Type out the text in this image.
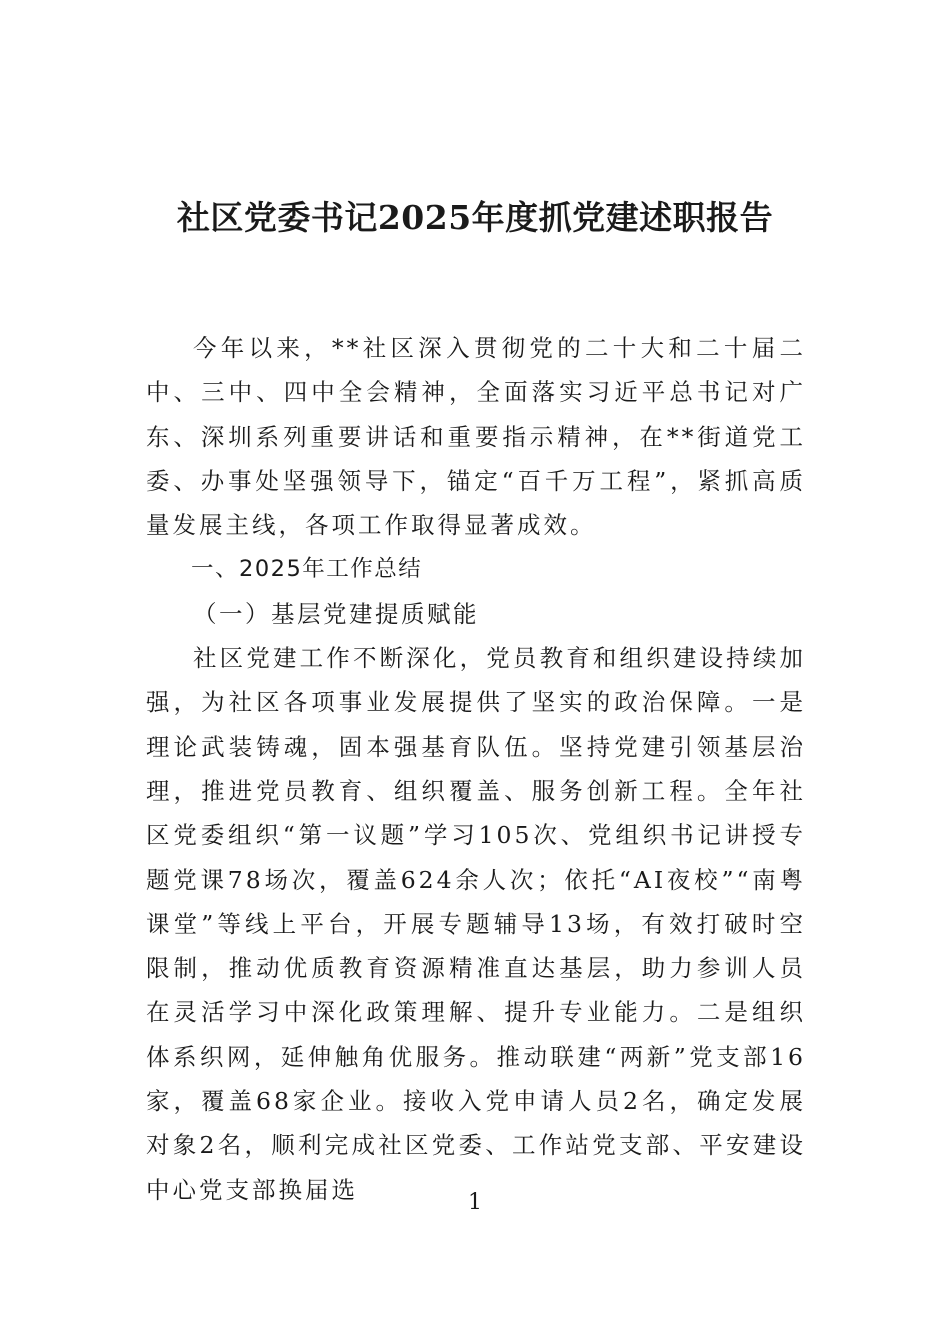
社区党委书记2025年度抓党建述职报告

今年以来，**社区深入贯彻党的二十大和二十届二中、三中、四中全会精神，全面落实习近平总书记对广东、深圳系列重要讲话和重要指示精神，在**街道党工委、办事处坚强领导下，锚定“百千万工程”，紧抓高质量发展主线，各项工作取得显著成效。

一、2025年工作总结

（一）基层党建提质赋能

社区党建工作不断深化，党员教育和组织建设持续加强，为社区各项事业发展提供了坚实的政治保障。一是理论武装铸魂，固本强基育队伍。坚持党建引领基层治理，推进党员教育、组织覆盖、服务创新工程。全年社区党委组织“第一议题”学习105次、党组织书记讲授专题党课78场次，覆盖624余人次；依托“AI夜校”“南粤课堂”等线上平台，开展专题辅导13场，有效打破时空限制，推动优质教育资源精准直达基层，助力参训人员在灵活学习中深化政策理解、提升专业能力。二是组织体系织网，延伸触角优服务。推动联建“两新”党支部16家，覆盖68家企业。接收入党申请人员2名，确定发展对象2名，顺利完成社区党委、工作站党支部、平安建设中心党支部换届选	1
